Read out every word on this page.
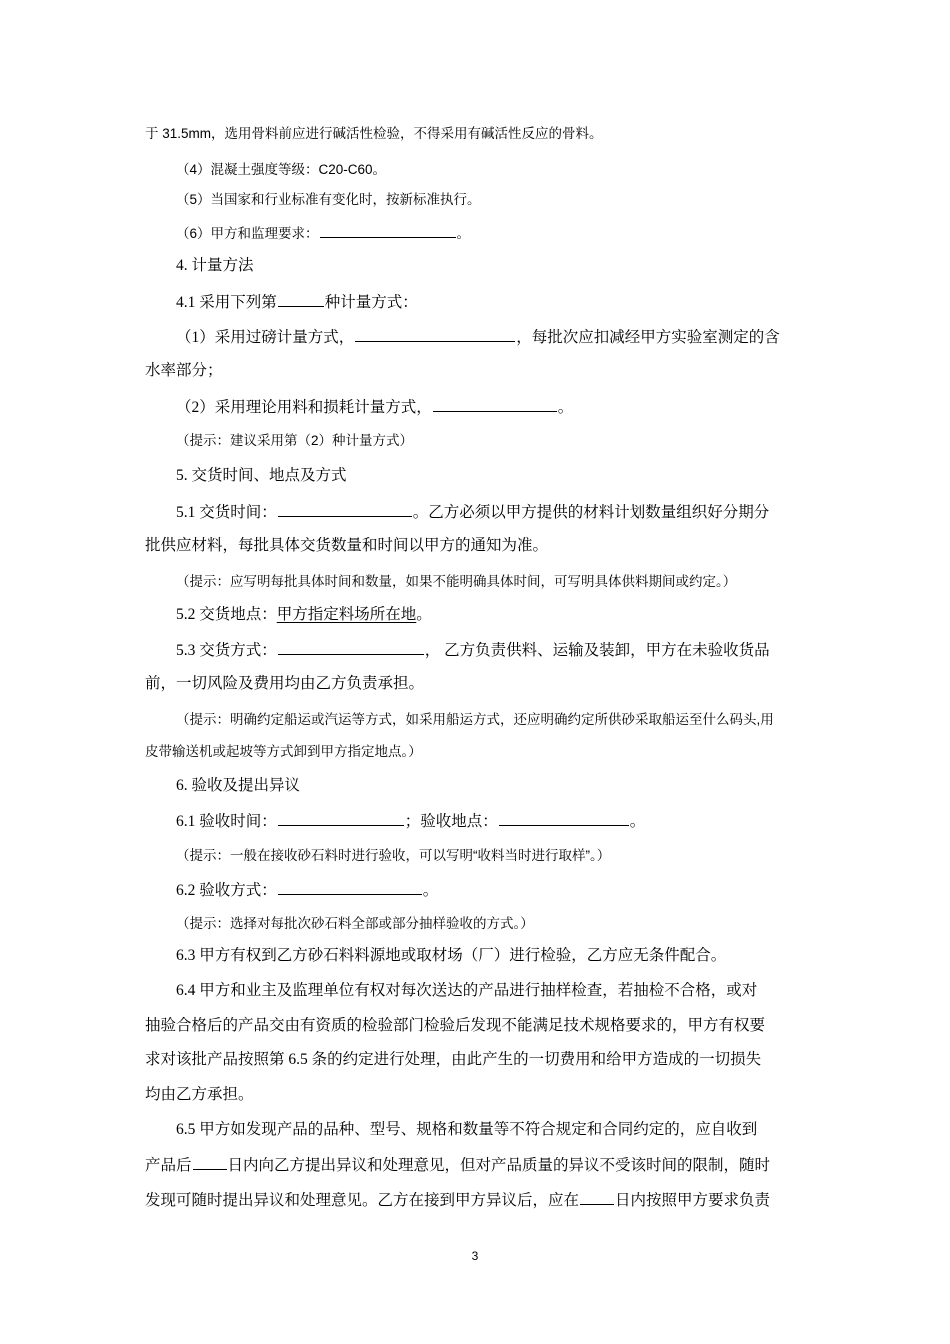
于 31.5mm，选用骨料前应进行碱活性检验，不得采用有碱活性反应的骨料。
（4）混凝土强度等级：C20-C60。
（5）当国家和行业标准有变化时，按新标准执行。
（6）甲方和监理要求：	。
4. 计量方法
4.1 采用下列第	种计量方式：
（1）采用过磅计量方式，	，每批次应扣减经甲方实验室测定的含
水率部分；
（2）采用理论用料和损耗计量方式，	。
（提示：建议采用第（2）种计量方式）
5. 交货时间、地点及方式
5.1 交货时间：	。乙方必须以甲方提供的材料计划数量组织好分期分
批供应材料，每批具体交货数量和时间以甲方的通知为准。
（提示：应写明每批具体时间和数量，如果不能明确具体时间，可写明具体供料期间或约定。）
5.2 交货地点：甲方指定料场所在地。
5.3 交货方式：	， 乙方负责供料、运输及装卸，甲方在未验收货品
前，一切风险及费用均由乙方负责承担。
（提示：明确约定船运或汽运等方式，如采用船运方式，还应明确约定所供砂采取船运至什么码头,用
皮带输送机或起坡等方式卸到甲方指定地点。）
6. 验收及提出异议
6.1 验收时间：	；验收地点：	。
（提示：一般在接收砂石料时进行验收，可以写明“收料当时进行取样”。）
6.2 验收方式：	。
（提示：选择对每批次砂石料全部或部分抽样验收的方式。）
6.3 甲方有权到乙方砂石料料源地或取材场（厂）进行检验，乙方应无条件配合。
6.4 甲方和业主及监理单位有权对每次送达的产品进行抽样检查，若抽检不合格，或对
抽验合格后的产品交由有资质的检验部门检验后发现不能满足技术规格要求的，甲方有权要
求对该批产品按照第 6.5 条的约定进行处理，由此产生的一切费用和给甲方造成的一切损失
均由乙方承担。
6.5 甲方如发现产品的品种、型号、规格和数量等不符合规定和合同约定的，应自收到
产品后 日内向乙方提出异议和处理意见，但对产品质量的异议不受该时间的限制，随时
发现可随时提出异议和处理意见。乙方在接到甲方异议后，应在 日内按照甲方要求负责
3
